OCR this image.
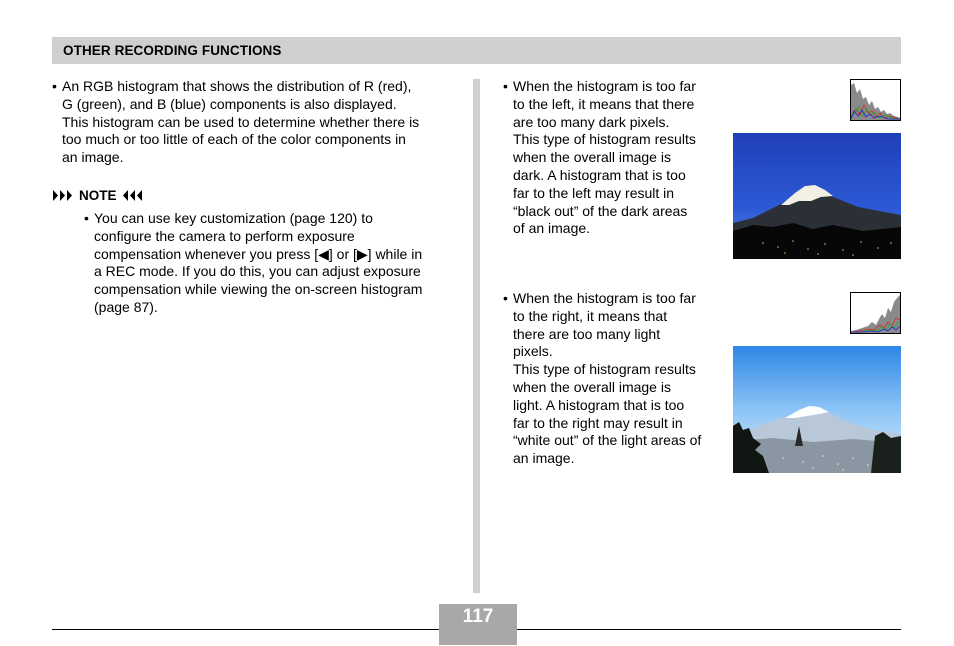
OTHER RECORDING FUNCTIONS
• An RGB histogram that shows the distribution of R (red),
G (green), and B (blue) components is also displayed.
This histogram can be used to determine whether there is
too much or too little of each of the color components in
an image.
NOTE
• You can use key customization (page 120) to
configure the camera to perform exposure
compensation whenever you press [◀] or [▶] while in
a REC mode. If you do this, you can adjust exposure
compensation while viewing the on-screen histogram
(page 87).
• When the histogram is too far
to the left, it means that there
are too many dark pixels.
This type of histogram results
when the overall image is
dark. A histogram that is too
far to the left may result in
“black out” of the dark areas
of an image.
• When the histogram is too far
to the right, it means that
there are too many light
pixels.
This type of histogram results
when the overall image is
light. A histogram that is too
far to the right may result in
“white out” of the light areas of
an image.
117
